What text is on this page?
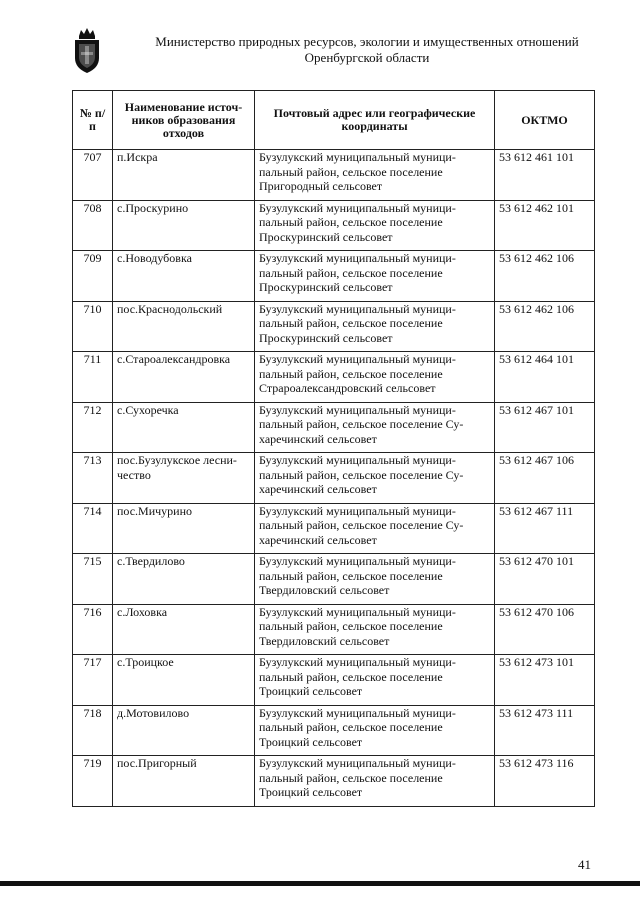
Министерство природных ресурсов, экологии и имущественных отношений
Оренбургской области
№ п/п	Наименование источ-ников образования отходов	Почтовый адрес или географические координаты	ОКТМО
707	п.Искра	Бузулукский муниципальный муници-пальный район, сельское поселение Пригородный сельсовет	53 612 461 101
708	с.Проскурино	Бузулукский муниципальный муници-пальный район, сельское поселение Проскуринский сельсовет	53 612 462 101
709	с.Новодубовка	Бузулукский муниципальный муници-пальный район, сельское поселение Проскуринский сельсовет	53 612 462 106
710	пос.Краснодольский	Бузулукский муниципальный муници-пальный район, сельское поселение Проскуринский сельсовет	53 612 462 106
711	с.Староалександровка	Бузулукский муниципальный муници-пальный район, сельское поселение Страроалександровский сельсовет	53 612 464 101
712	с.Сухоречка	Бузулукский муниципальный муници-пальный район, сельское поселение Су-харечинский сельсовет	53 612 467 101
713	пос.Бузулукское лесни-чество	Бузулукский муниципальный муници-пальный район, сельское поселение Су-харечинский сельсовет	53 612 467 106
714	пос.Мичурино	Бузулукский муниципальный муници-пальный район, сельское поселение Су-харечинский сельсовет	53 612 467 111
715	с.Твердилово	Бузулукский муниципальный муници-пальный район, сельское поселение Твердиловский сельсовет	53 612 470 101
716	с.Лоховка	Бузулукский муниципальный муници-пальный район, сельское поселение Твердиловский сельсовет	53 612 470 106
717	с.Троицкое	Бузулукский муниципальный муници-пальный район, сельское поселение Троицкий сельсовет	53 612 473 101
718	д.Мотовилово	Бузулукский муниципальный муници-пальный район, сельское поселение Троицкий сельсовет	53 612 473 111
719	пос.Пригорный	Бузулукский муниципальный муници-пальный район, сельское поселение Троицкий сельсовет	53 612 473 116
41
